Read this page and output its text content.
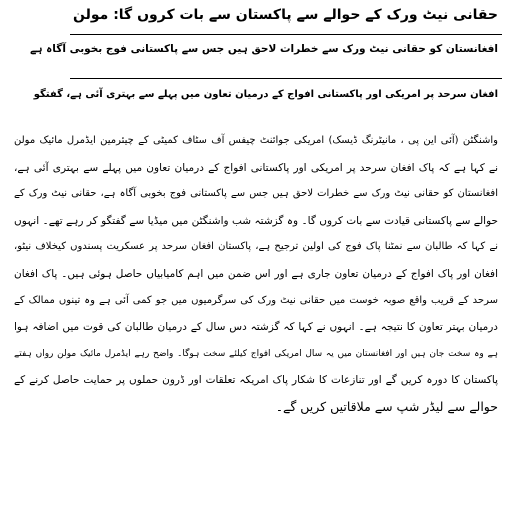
حقانی نیٹ ورک کے حوالے سے پاکستان سے بات کروں گا: مولن
افغانستان کو حقانی نیٹ ورک سے خطرات لاحق ہیں جس سے پاکستانی فوج بخوبی آگاہ ہے
افغان سرحد پر امریکی اور پاکستانی افواج کے درمیان تعاون میں پہلے سے بہتری آئی ہے، گفتگو
واشنگٹن (آئی این پی ، مانیٹرنگ ڈیسک) امریکی جوائنٹ چیفس آف سٹاف کمیٹی کے چیئرمین ایڈمرل مائیک مولن
نے کہا ہے کہ پاک افغان سرحد پر امریکی اور پاکستانی افواج کے درمیان تعاون میں پہلے سے بہتری آئی ہے،
افغانستان کو حقانی نیٹ ورک سے خطرات لاحق ہیں جس سے پاکستانی فوج بخوبی آگاہ ہے، حقانی نیٹ ورک کے
حوالے سے پاکستانی قیادت سے بات کروں گا۔ وہ گزشتہ شب واشنگٹن میں میڈیا سے گفتگو کر رہے تھے۔ انہوں
نے کہا کہ طالبان سے نمٹنا پاک فوج کی اولین ترجیح ہے، پاکستان افغان سرحد پر عسکریت پسندوں کیخلاف نیٹو،
افغان اور پاک افواج کے درمیان تعاون جاری ہے اور اس ضمن میں اہم کامیابیاں حاصل ہوئی ہیں۔ پاک افغان
سرحد کے قریب واقع صوبہ خوست میں حقانی نیٹ ورک کی سرگرمیوں میں جو کمی آئی ہے وہ تینوں ممالک کے
درمیان بہتر تعاون کا نتیجہ ہے۔ انہوں نے کہا کہ گزشتہ دس سال کے درمیان طالبان کی قوت میں اضافہ ہوا
ہے وہ سخت جان ہیں اور افغانستان میں یہ سال امریکی افواج کیلئے سخت ہوگا۔ واضح رہے ایڈمرل مائیک مولن رواں ہفتے
پاکستان کا دورہ کریں گے اور تنازعات کا شکار پاک امریکہ تعلقات اور ڈرون حملوں پر حمایت حاصل کرنے کے
حوالے سے لیڈر شپ سے ملاقاتیں کریں گے۔
